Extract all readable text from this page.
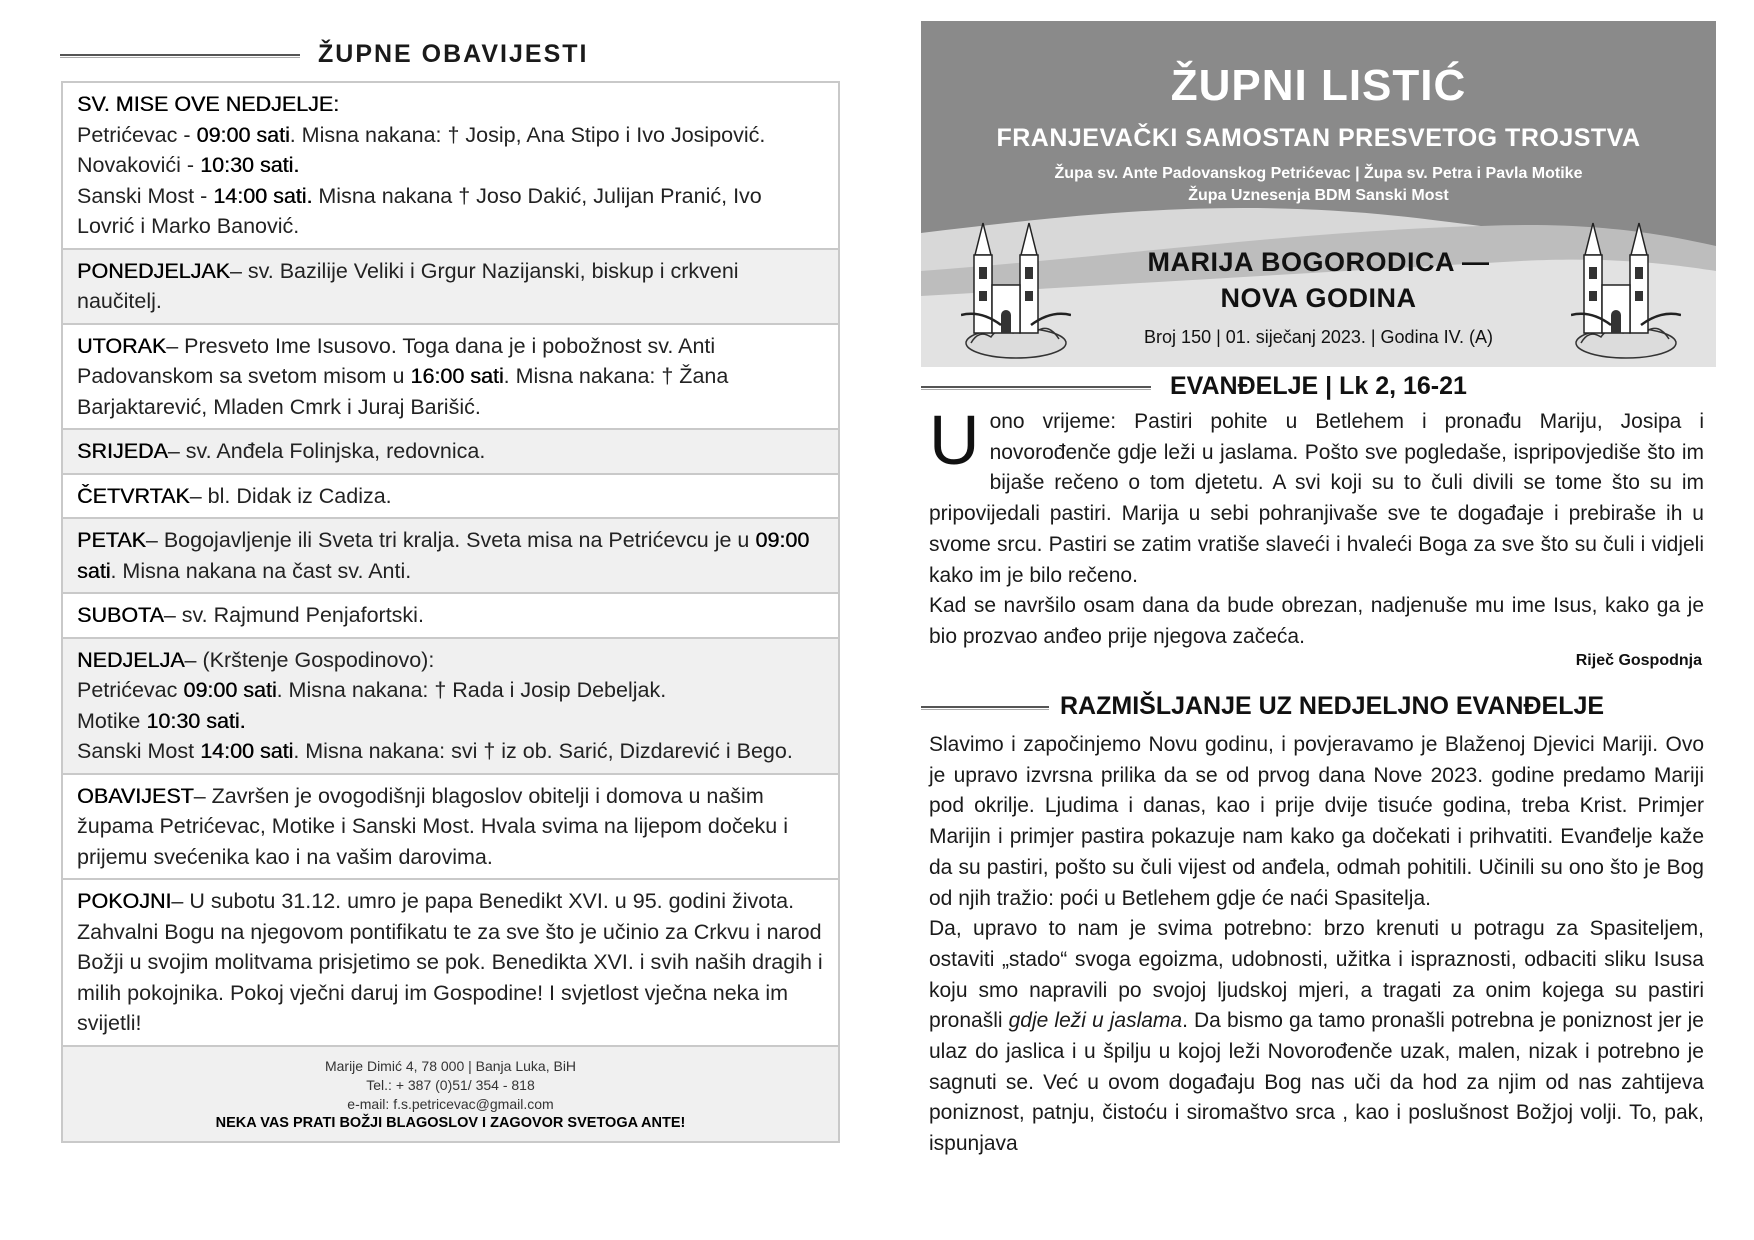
ŽUPNE OBAVIJESTI
SV. MISE OVE NEDJELJE:
Petrićevac - 09:00 sati. Misna nakana: † Josip, Ana Stipo i Ivo Josipović.
Novakovići - 10:30 sati.
Sanski Most - 14:00 sati. Misna nakana † Joso Dakić, Julijan Pranić, Ivo Lovrić i Marko Banović.
PONEDJELJAK– sv. Bazilije Veliki i Grgur Nazijanski, biskup i crkveni naučitelj.
UTORAK– Presveto Ime Isusovo. Toga dana je i pobožnost sv. Anti Padovanskom sa svetom misom u 16:00 sati. Misna nakana: † Žana Barjaktarević, Mladen Cmrk i Juraj Barišić.
SRIJEDA– sv. Anđela Folinjska, redovnica.
ČETVRTAK– bl. Didak iz Cadiza.
PETAK– Bogojavljenje ili Sveta tri kralja. Sveta misa na Petrićevcu je u 09:00 sati. Misna nakana na čast sv. Anti.
SUBOTA– sv. Rajmund Penjafortski.
NEDJELJA– (Krštenje Gospodinovo):
Petrićevac 09:00 sati. Misna nakana: † Rada i Josip Debeljak.
Motike 10:30 sati.
Sanski Most 14:00 sati. Misna nakana: svi † iz ob. Sarić, Dizdarević i Bego.
OBAVIJEST– Završen je ovogodišnji blagoslov obitelji i domova u našim župama Petrićevac, Motike i Sanski Most. Hvala svima na lijepom dočeku i prijemu svećenika kao i na vašim darovima.
POKOJNI– U subotu 31.12. umro je papa Benedikt XVI. u 95. godini života. Zahvalni Bogu na njegovom pontifikatu te za sve što je učinio za Crkvu i narod Božji u svojim molitvama prisjetimo se pok. Benedikta XVI. i svih naših dragih i milih pokojnika. Pokoj vječni daruj im Gospodine! I svjetlost vječna neka im svijetli!
Marije Dimić 4, 78 000 | Banja Luka, BiH
Tel.: + 387 (0)51/ 354 - 818
e-mail: f.s.petricevac@gmail.com
NEKA VAS PRATI BOŽJI BLAGOSLOV I ZAGOVOR SVETOGA ANTE!
ŽUPNI LISTIĆ
FRANJEVAČKI SAMOSTAN PRESVETOG TROJSTVA
Župa sv. Ante Padovanskog Petrićevac | Župa sv. Petra i Pavla Motike
Župa Uznesenja BDM Sanski Most
MARIJA BOGORODICA —
NOVA GODINA
Broj 150 | 01. siječanj 2023. | Godina IV. (A)
EVANĐELJE | Lk 2, 16-21

Uono vrijeme: Pastiri pohite u Betlehem i pronađu Mariju, Josipa i novorođenče gdje leži u jaslama. Pošto sve pogledaše, ispripovjediše što im bijaše rečeno o tom djetetu. A svi koji su to čuli divili se tome što su im pripovijedali pastiri. Marija u sebi pohranjivaše sve te događaje i prebiraše ih u svome srcu. Pastiri se zatim vratiše slaveći i hvaleći Boga za sve što su čuli i vidjeli kako im je bilo rečeno.

Kad se navršilo osam dana da bude obrezan, nadjenuše mu ime Isus, kako ga je bio prozvao anđeo prije njegova začeća.

Riječ Gospodnja
RAZMIŠLJANJE UZ NEDJELJNO EVANĐELJE

Slavimo i započinjemo Novu godinu, i povjeravamo je Blaženoj Djevici Mariji. Ovo je upravo izvrsna prilika da se od prvog dana Nove 2023. godine predamo Mariji pod okrilje. Ljudima i danas, kao i prije dvije tisuće godina, treba Krist. Primjer Marijin i primjer pastira pokazuje nam kako ga dočekati i prihvatiti. Evanđelje kaže da su pastiri, pošto su čuli vijest od anđela, odmah pohitili. Učinili su ono što je Bog od njih tražio: poći u Betlehem gdje će naći Spasitelja.

Da, upravo to nam je svima potrebno: brzo krenuti u potragu za Spasiteljem, ostaviti „stado“ svoga egoizma, udobnosti, užitka i ispraznosti, odbaciti sliku Isusa koju smo napravili po svojoj ljudskoj mjeri, a tragati za onim kojega su pastiri pronašli gdje leži u jaslama. Da bismo ga tamo pronašli potrebna je poniznost jer je ulaz do jaslica i u špilju u kojoj leži Novorođenče uzak, malen, nizak i potrebno je sagnuti se. Već u ovom događaju Bog nas uči da hod za njim od nas zahtijeva poniznost, patnju, čistoću i siromaštvo srca , kao i poslušnost Božjoj volji. To, pak, ispunjava
